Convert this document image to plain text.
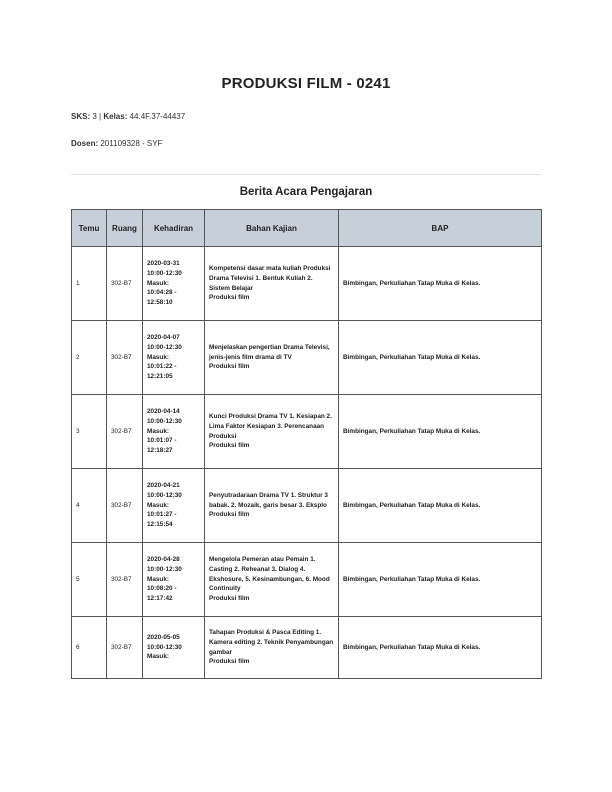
PRODUKSI FILM - 0241
SKS: 3 | Kelas: 44.4F.37-44437
Dosen: 201109328 - SYF
Berita Acara Pengajaran
Temu	Ruang	Kehadiran	Bahan Kajian	BAP
1	302-B7	2020-03-31
10:00-12:30
Masuk:
10:04:28 -
12:58:10	Kompetensi dasar mata kuliah Produksi Drama Televisi 1. Bentuk Kuliah 2. Sistem Belajar
Produksi film	Bimbingan, Perkuliahan Tatap Muka di Kelas.
2	302-B7	2020-04-07
10:00-12:30
Masuk:
10:01:22 -
12:21:05	Menjelaskan pengertian Drama Televisi, jenis-jenis film drama di TV
Produksi film	Bimbingan, Perkuliahan Tatap Muka di Kelas.
3	302-B7	2020-04-14
10:00-12:30
Masuk:
10:01:07 -
12:18:27	Kunci Produksi Drama TV 1. Kesiapan 2. Lima Faktor Kesiapan 3. Perencanaan Produksi
Produksi film	Bimbingan, Perkuliahan Tatap Muka di Kelas.
4	302-B7	2020-04-21
10:00-12:30
Masuk:
10:01:27 -
12:15:54	Penyutradaraan Drama TV 1. Struktur 3 babak. 2. Mozaik, garis besar 3. Eksplo
Produksi film	Bimbingan, Perkuliahan Tatap Muka di Kelas.
5	302-B7	2020-04-28
10:00-12:30
Masuk:
10:08:20 -
12:17:42	Mengelola Pemeran atau Pemain 1. Casting 2. Reheanal 3. Dialog 4. Ekshosure, 5. Kesinambungan, 6. Mood Continuity
Produksi film	Bimbingan, Perkuliahan Tatap Muka di Kelas.
6	302-B7	2020-05-05
10:00-12:30
Masuk:	Tahapan Produksi & Pasca Editing 1. Kamera editing 2. Teknik Penyambungan gambar
Produksi film	Bimbingan, Perkuliahan Tatap Muka di Kelas.
